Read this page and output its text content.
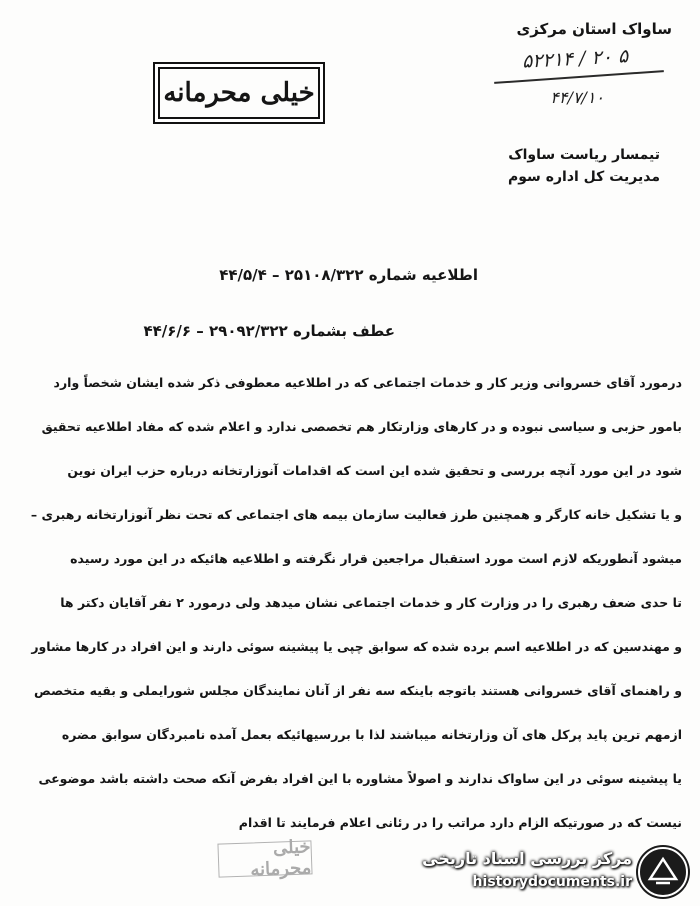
ساواک استان مرکزی
۵۲۲۱۴ / ۲۰ ۵
۴۴/۷/۱۰
خیلی محرمانه
تیمسار ریاست ساواک
مدیریت کل اداره سوم
اطلاعیه شماره ۲۵۱۰۸/۳۲۲ – ۴۴/۵/۴
عطف بشماره ۲۹۰۹۲/۳۲۲ – ۴۴/۶/۶
درمورد آقای خسروانی وزیر کار و خدمات اجتماعی که در اطلاعیه معطوفی ذکر شده ایشان شخصاً وارد
بامور حزبی و سیاسی نبوده و در کارهای وزارتکار هم تخصصی ندارد و اعلام شده که مفاد اطلاعیه تحقیق
شود در این مورد آنچه بررسی و تحقیق شده این است که اقدامات آنوزارتخانه درباره حزب ایران نوین
و یا تشکیل خانه کارگر و همچنین طرز فعالیت سازمان بیمه های اجتماعی که تحت نظر آنوزارتخانه رهبری –
میشود آنطوریکه لازم است مورد استقبال مراجعین قرار نگرفته و اطلاعیه هائیکه در این مورد رسیده
تا حدی ضعف رهبری را در وزارت کار و خدمات اجتماعی نشان میدهد ولی درمورد ۲ نفر آقایان دکتر ها
و مهندسین که در اطلاعیه اسم برده شده که سوابق چپی یا پیشینه سوئی دارند و این افراد در کارها مشاور
و راهنمای آقای خسروانی هستند باتوجه باینکه سه نفر از آنان نمایندگان مجلس شورایملی و بقیه متخصص
ازمهم ترین پاید پرکل های آن وزارتخانه میباشند لذا با بررسیهائیکه بعمل آمده نامبردگان سوابق مضره
یا پیشینه سوئی در این ساواک ندارند و اصولاً مشاوره با این افراد بفرض آنکه صحت داشته باشد موضوعی
نیست که در صورتیکه الزام دارد مراتب را در رئانی اعلام فرمایند تا اقدام
خیلی محرمانه	مرکز بررسی اسناد تاریخی
historydocuments.ir
